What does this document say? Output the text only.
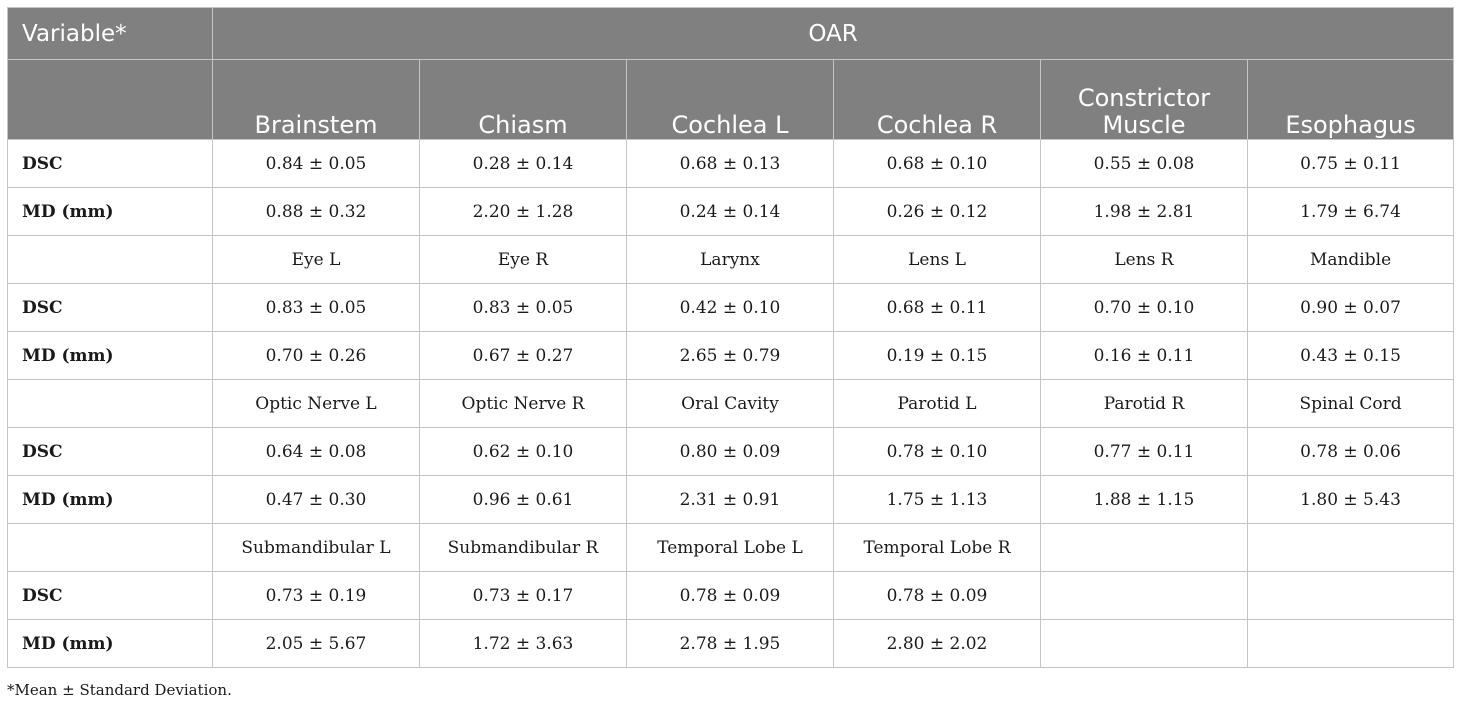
Variable*	OAR					
	Brainstem	Chiasm	Cochlea L	Cochlea R	Constrictor Muscle	Esophagus
DSC	0.84 ± 0.05	0.28 ± 0.14	0.68 ± 0.13	0.68 ± 0.10	0.55 ± 0.08	0.75 ± 0.11
MD (mm)	0.88 ± 0.32	2.20 ± 1.28	0.24 ± 0.14	0.26 ± 0.12	1.98 ± 2.81	1.79 ± 6.74
	Eye L	Eye R	Larynx	Lens L	Lens R	Mandible
DSC	0.83 ± 0.05	0.83 ± 0.05	0.42 ± 0.10	0.68 ± 0.11	0.70 ± 0.10	0.90 ± 0.07
MD (mm)	0.70 ± 0.26	0.67 ± 0.27	2.65 ± 0.79	0.19 ± 0.15	0.16 ± 0.11	0.43 ± 0.15
	Optic Nerve L	Optic Nerve R	Oral Cavity	Parotid L	Parotid R	Spinal Cord
DSC	0.64 ± 0.08	0.62 ± 0.10	0.80 ± 0.09	0.78 ± 0.10	0.77 ± 0.11	0.78 ± 0.06
MD (mm)	0.47 ± 0.30	0.96 ± 0.61	2.31 ± 0.91	1.75 ± 1.13	1.88 ± 1.15	1.80 ± 5.43
	Submandibular L	Submandibular R	Temporal Lobe L	Temporal Lobe R		
DSC	0.73 ± 0.19	0.73 ± 0.17	0.78 ± 0.09	0.78 ± 0.09		
MD (mm)	2.05 ± 5.67	1.72 ± 3.63	2.78 ± 1.95	2.80 ± 2.02		
*Mean ± Standard Deviation.
